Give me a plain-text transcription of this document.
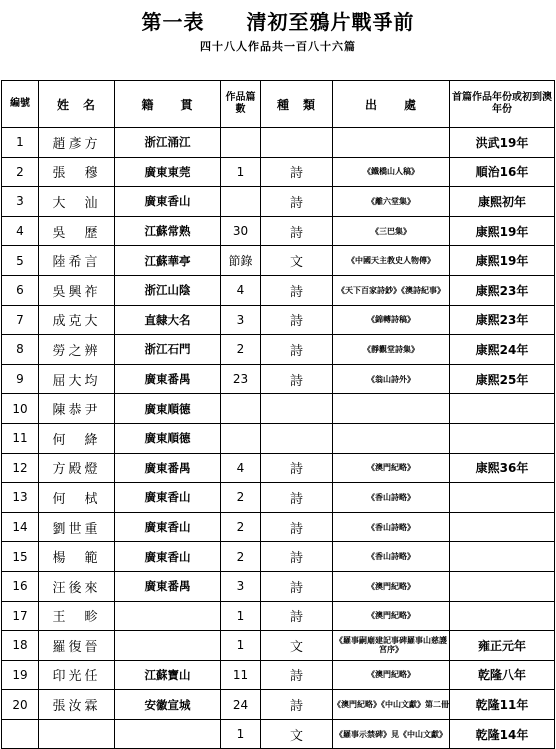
第一表　　清初至鴉片戰爭前
四十八人作品共一百八十六篇
編號	姓　名	籍　　貫	作品篇數	種　類	出　　處	首篇作品年份或初到澳年份
1	趙彥方	浙江涌江				洪武19年
2	張　穆	廣東東莞	1	詩	《鐵橋山人稿》	順治16年
3	大　汕	廣東香山		詩	《離六堂集》	康熙初年
4	吳　歷	江蘇常熟	30	詩	《三巴集》	康熙19年
5	陸希言	江蘇華亭	節錄	文	《中國天主教史人物傳》	康熙19年
6	吳興祚	浙江山陰	4	詩	《天下百家詩鈔》《澳詩紀事》	康熙23年
7	成克大	直隸大名	3	詩	《錦轉詩稿》	康熙23年
8	勞之辨	浙江石門	2	詩	《靜觀堂詩集》	康熙24年
9	屈大均	廣東番禺	23	詩	《翁山詩外》	康熙25年
10	陳恭尹	廣東順德				
11	何　絳	廣東順德				
12	方殿燈	廣東番禺	4	詩	《澳門紀略》	康熙36年
13	何　栻	廣東香山	2	詩	《香山詩略》	
14	劉世重	廣東香山	2	詩	《香山詩略》	
15	楊　範	廣東香山	2	詩	《香山詩略》	
16	汪後來	廣東番禺	3	詩	《澳門紀略》	
17	王　畛		1	詩	《澳門紀略》	
18	羅復晉		1	文	《羅事嗣廟建記事碑羅事山慈護宮序》	雍正元年
19	印光任	江蘇寶山	11	詩	《澳門紀略》	乾隆八年
20	張汝霖	安徽宣城	24	詩	《澳門紀略》《中山文獻》第二冊	乾隆11年
			1	文	《羅事示禁碑》見《中山文獻》	乾隆14年
